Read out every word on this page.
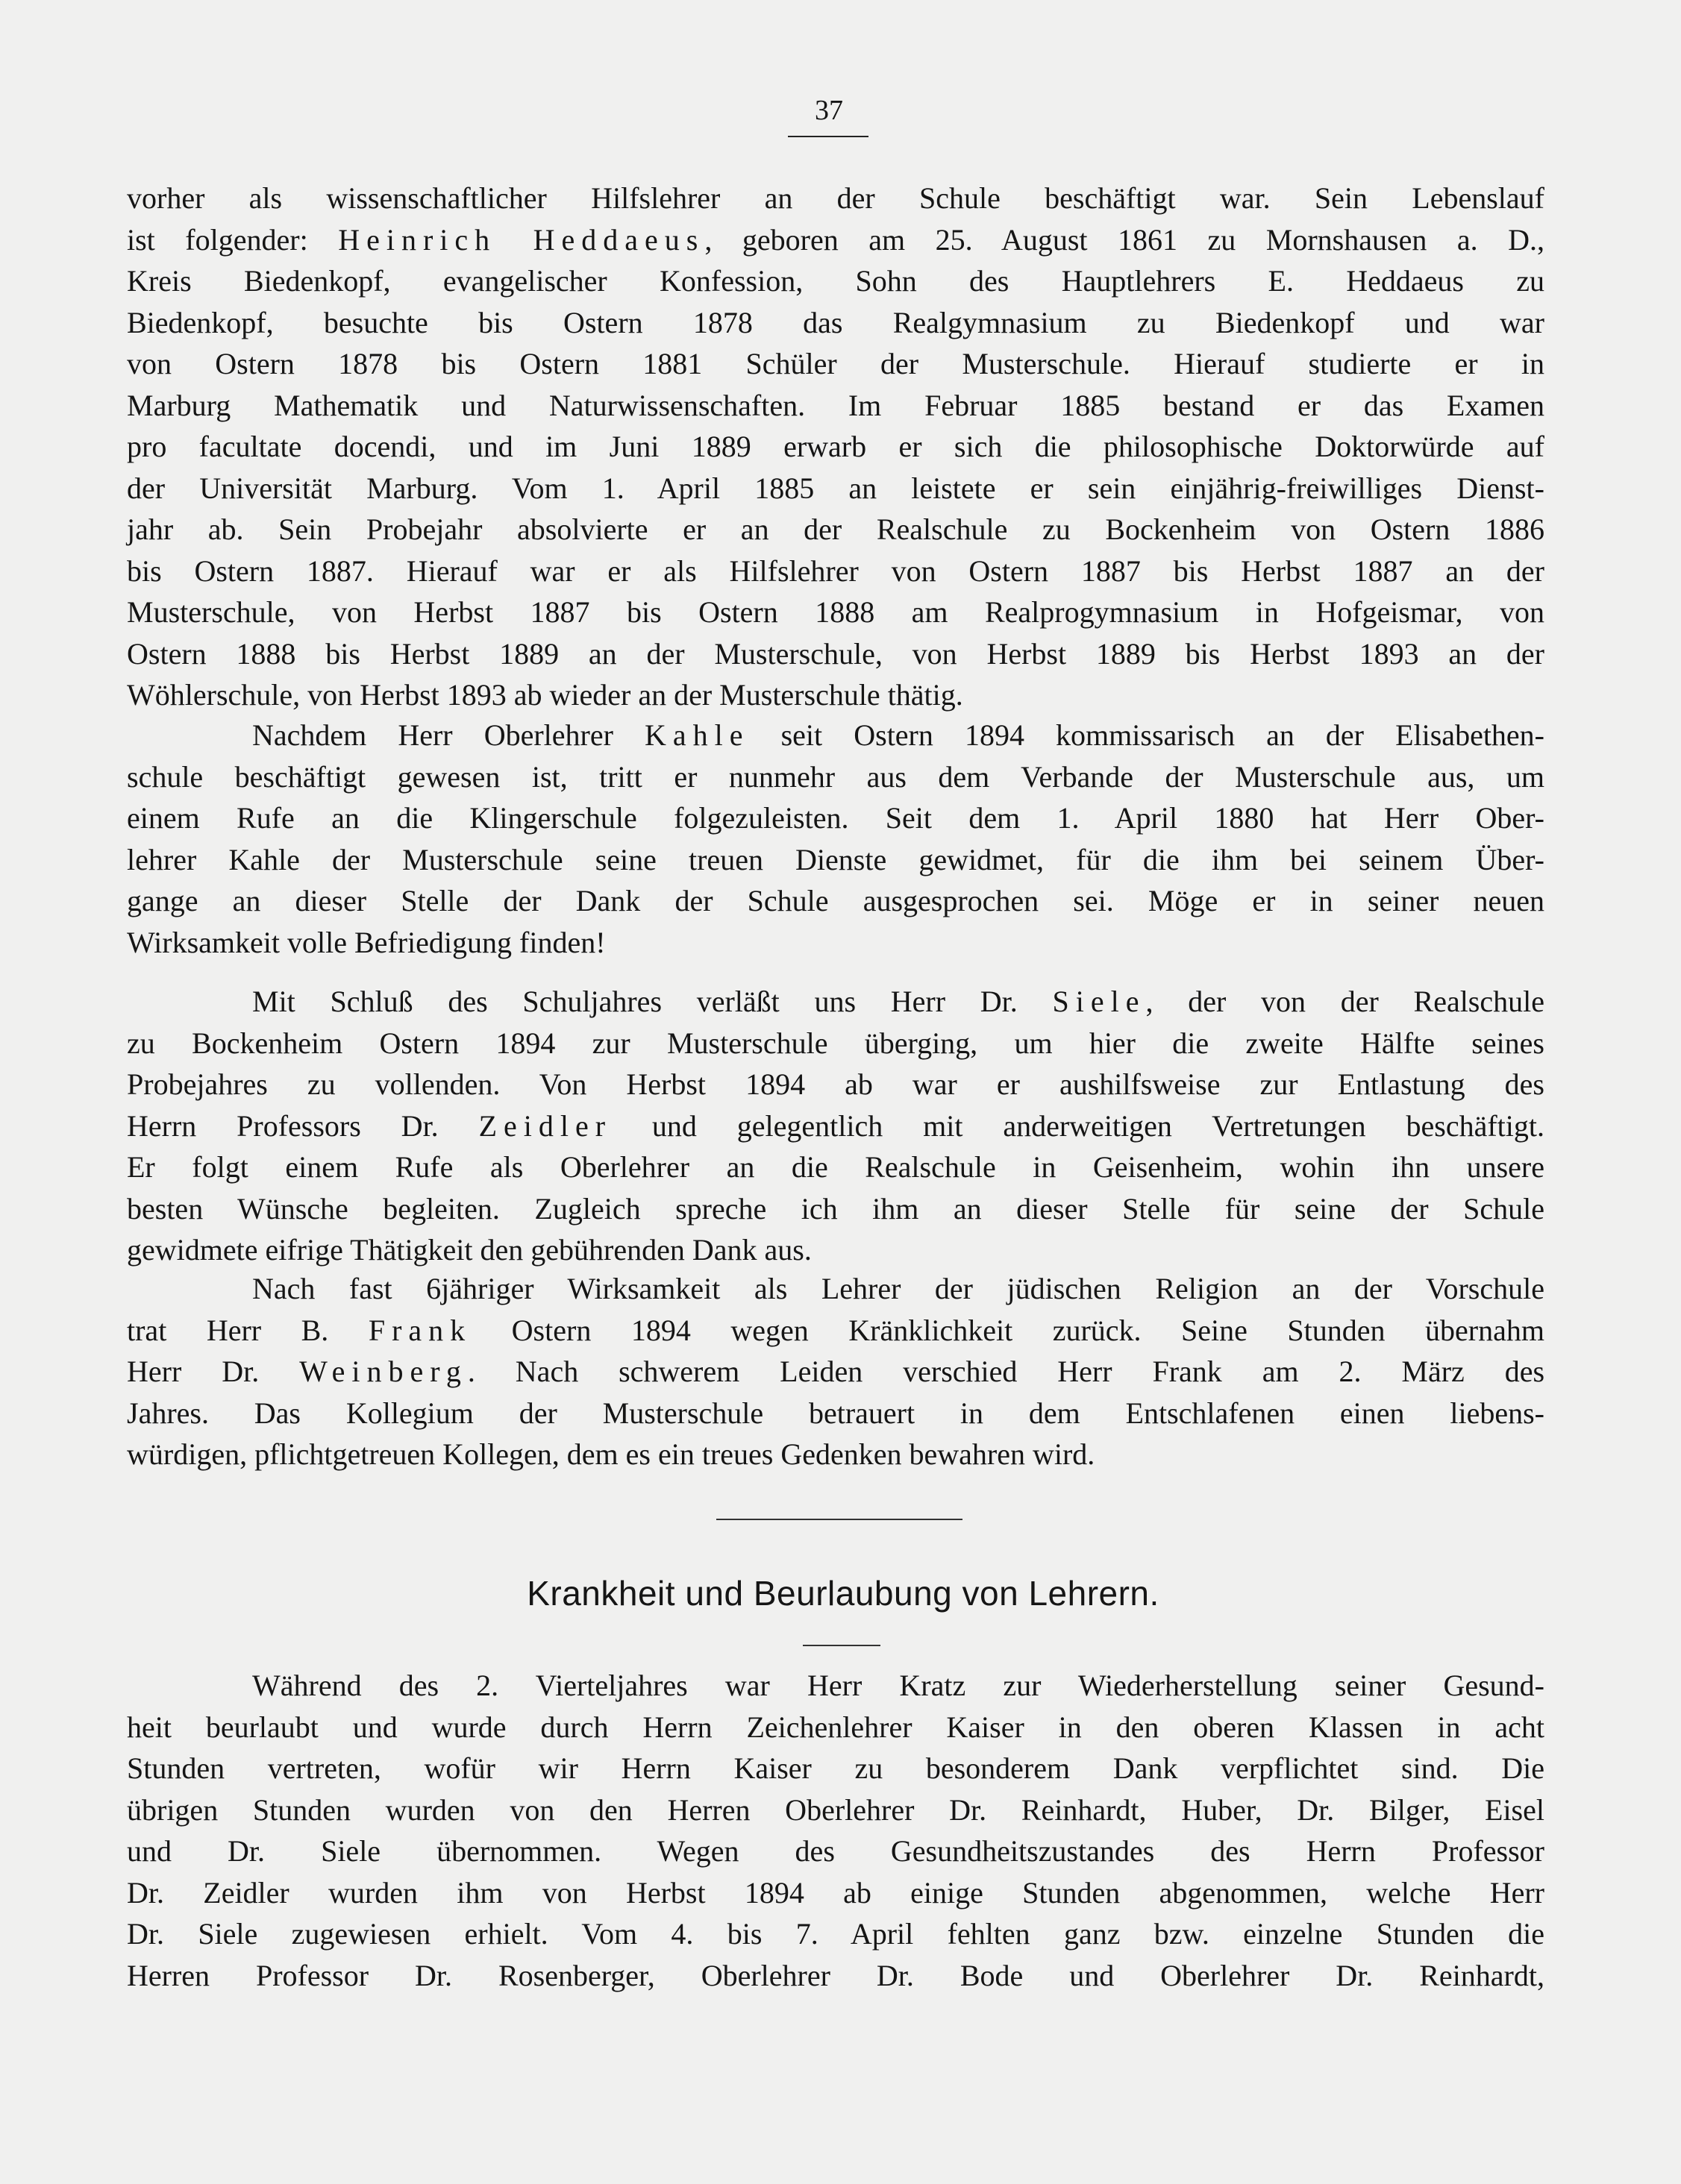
37
vorher als wissenschaftlicher Hilfslehrer an der Schule beschäftigt war. Sein Lebenslauf
ist folgender: Heinrich Heddaeus, geboren am 25. August 1861 zu Mornshausen a. D.,
Kreis Biedenkopf, evangelischer Konfession, Sohn des Hauptlehrers E. Heddaeus zu
Biedenkopf, besuchte bis Ostern 1878 das Realgymnasium zu Biedenkopf und war
von Ostern 1878 bis Ostern 1881 Schüler der Musterschule. Hierauf studierte er in
Marburg Mathematik und Naturwissenschaften. Im Februar 1885 bestand er das Examen
pro facultate docendi, und im Juni 1889 erwarb er sich die philosophische Doktorwürde auf
der Universität Marburg. Vom 1. April 1885 an leistete er sein einjährig-freiwilliges Dienst-
jahr ab. Sein Probejahr absolvierte er an der Realschule zu Bockenheim von Ostern 1886
bis Ostern 1887. Hierauf war er als Hilfslehrer von Ostern 1887 bis Herbst 1887 an der
Musterschule, von Herbst 1887 bis Ostern 1888 am Realprogymnasium in Hofgeismar, von
Ostern 1888 bis Herbst 1889 an der Musterschule, von Herbst 1889 bis Herbst 1893 an der
Wöhlerschule, von Herbst 1893 ab wieder an der Musterschule thätig.
Nachdem Herr Oberlehrer Kahle seit Ostern 1894 kommissarisch an der Elisabethen-
schule beschäftigt gewesen ist, tritt er nunmehr aus dem Verbande der Musterschule aus, um
einem Rufe an die Klingerschule folgezuleisten. Seit dem 1. April 1880 hat Herr Ober-
lehrer Kahle der Musterschule seine treuen Dienste gewidmet, für die ihm bei seinem Über-
gange an dieser Stelle der Dank der Schule ausgesprochen sei. Möge er in seiner neuen
Wirksamkeit volle Befriedigung finden!
Mit Schluß des Schuljahres verläßt uns Herr Dr. Siele, der von der Realschule
zu Bockenheim Ostern 1894 zur Musterschule überging, um hier die zweite Hälfte seines
Probejahres zu vollenden. Von Herbst 1894 ab war er aushilfsweise zur Entlastung des
Herrn Professors Dr. Zeidler und gelegentlich mit anderweitigen Vertretungen beschäftigt.
Er folgt einem Rufe als Oberlehrer an die Realschule in Geisenheim, wohin ihn unsere
besten Wünsche begleiten. Zugleich spreche ich ihm an dieser Stelle für seine der Schule
gewidmete eifrige Thätigkeit den gebührenden Dank aus.
Nach fast 6jähriger Wirksamkeit als Lehrer der jüdischen Religion an der Vorschule
trat Herr B. Frank Ostern 1894 wegen Kränklichkeit zurück. Seine Stunden übernahm
Herr Dr. Weinberg. Nach schwerem Leiden verschied Herr Frank am 2. März des
Jahres. Das Kollegium der Musterschule betrauert in dem Entschlafenen einen liebens-
würdigen, pflichtgetreuen Kollegen, dem es ein treues Gedenken bewahren wird.
Krankheit und Beurlaubung von Lehrern.
Während des 2. Vierteljahres war Herr Kratz zur Wiederherstellung seiner Gesund-
heit beurlaubt und wurde durch Herrn Zeichenlehrer Kaiser in den oberen Klassen in acht
Stunden vertreten, wofür wir Herrn Kaiser zu besonderem Dank verpflichtet sind. Die
übrigen Stunden wurden von den Herren Oberlehrer Dr. Reinhardt, Huber, Dr. Bilger, Eisel
und Dr. Siele übernommen. Wegen des Gesundheitszustandes des Herrn Professor
Dr. Zeidler wurden ihm von Herbst 1894 ab einige Stunden abgenommen, welche Herr
Dr. Siele zugewiesen erhielt. Vom 4. bis 7. April fehlten ganz bzw. einzelne Stunden die
Herren Professor Dr. Rosenberger, Oberlehrer Dr. Bode und Oberlehrer Dr. Reinhardt,
